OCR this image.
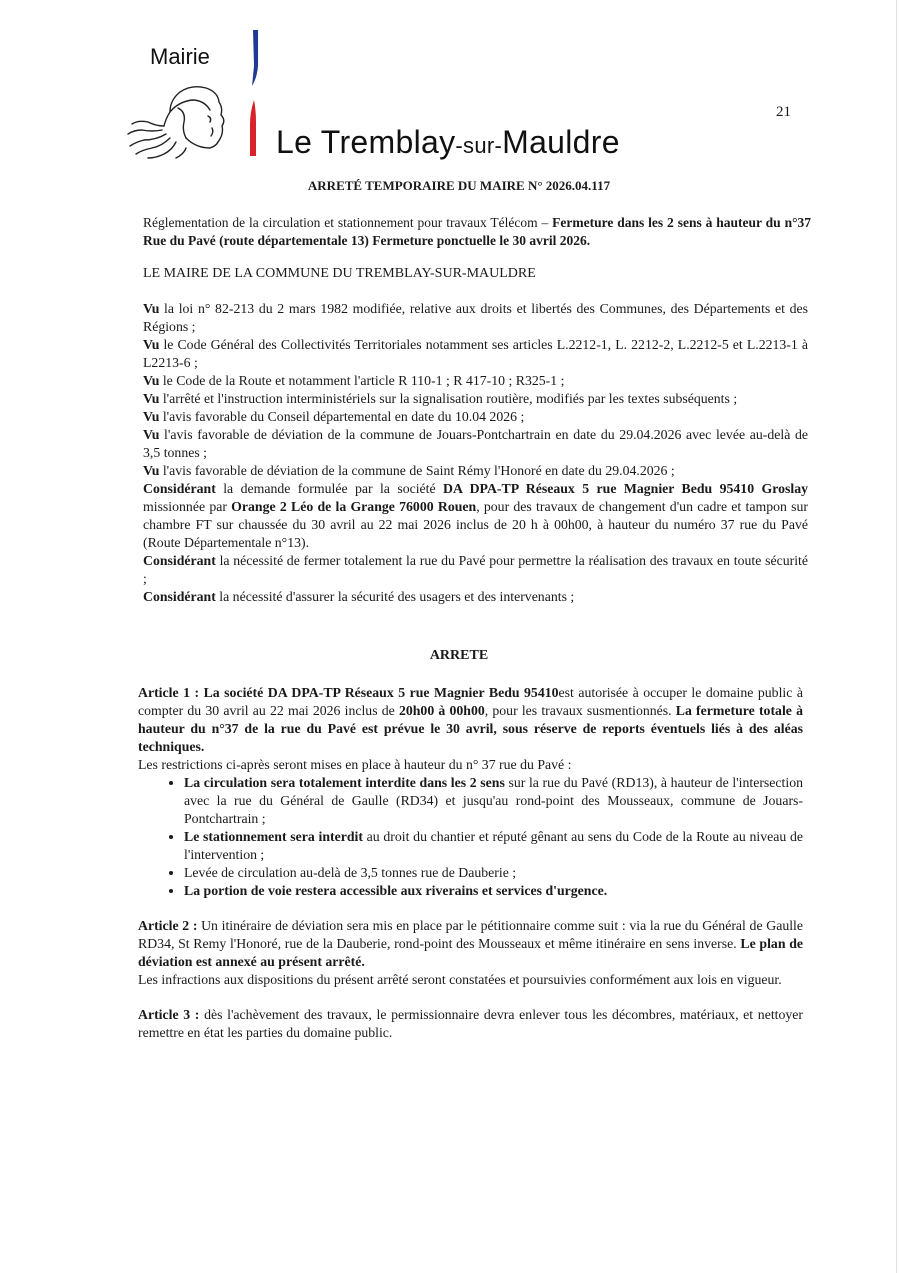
Mairie
Le Tremblay-sur-Mauldre
21
ARRETÉ TEMPORAIRE DU MAIRE N° 2026.04.117
Réglementation de la circulation et stationnement pour travaux Télécom – Fermeture dans les 2 sens à hauteur du n°37 Rue du Pavé (route départementale 13) Fermeture ponctuelle le 30 avril 2026.
LE MAIRE DE LA COMMUNE DU TREMBLAY-SUR-MAULDRE

Vu la loi n° 82-213 du 2 mars 1982 modifiée, relative aux droits et libertés des Communes, des Départements et des Régions ;

Vu le Code Général des Collectivités Territoriales notamment ses articles L.2212-1, L. 2212-2, L.2212-5 et L.2213-1 à L2213-6 ;

Vu le Code de la Route et notamment l'article R 110-1 ; R 417-10 ; R325-1 ;

Vu l'arrêté et l'instruction interministériels sur la signalisation routière, modifiés par les textes subséquents ;

Vu l'avis favorable du Conseil départemental en date du 10.04 2026 ;

Vu l'avis favorable de déviation de la commune de Jouars-Pontchartrain en date du 29.04.2026 avec levée au-delà de 3,5 tonnes ;

Vu l'avis favorable de déviation de la commune de Saint Rémy l'Honoré en date du 29.04.2026 ;

Considérant la demande formulée par la société DA DPA-TP Réseaux 5 rue Magnier Bedu 95410 Groslay missionnée par Orange 2 Léo de la Grange 76000 Rouen, pour des travaux de changement d'un cadre et tampon sur chambre FT sur chaussée du 30 avril au 22 mai 2026 inclus de 20 h à 00h00, à hauteur du numéro 37 rue du Pavé (Route Départementale n°13).

Considérant la nécessité de fermer totalement la rue du Pavé pour permettre la réalisation des travaux en toute sécurité ;

Considérant la nécessité d'assurer la sécurité des usagers et des intervenants ;

ARRETE

Article 1 : La société DA DPA-TP Réseaux 5 rue Magnier Bedu 95410est autorisée à occuper le domaine public à compter du 30 avril au 22 mai 2026 inclus de 20h00 à 00h00, pour les travaux susmentionnés. La fermeture totale à hauteur du n°37 de la rue du Pavé est prévue le 30 avril, sous réserve de reports éventuels liés à des aléas techniques.

Les restrictions ci-après seront mises en place à hauteur du n° 37 rue du Pavé :

• La circulation sera totalement interdite dans les 2 sens sur la rue du Pavé (RD13), à hauteur de l'intersection avec la rue du Général de Gaulle (RD34) et jusqu'au rond-point des Mousseaux, commune de Jouars-Pontchartrain ;
• Le stationnement sera interdit au droit du chantier et réputé gênant au sens du Code de la Route au niveau de l'intervention ;
• Levée de circulation au-delà de 3,5 tonnes rue de Dauberie ;
• La portion de voie restera accessible aux riverains et services d'urgence.

Article 2 : Un itinéraire de déviation sera mis en place par le pétitionnaire comme suit : via la rue du Général de Gaulle RD34, St Remy l'Honoré, rue de la Dauberie, rond-point des Mousseaux et même itinéraire en sens inverse. Le plan de déviation est annexé au présent arrêté.

Les infractions aux dispositions du présent arrêté seront constatées et poursuivies conformément aux lois en vigueur.

Article 3 : dès l'achèvement des travaux, le permissionnaire devra enlever tous les décombres, matériaux, et nettoyer remettre en état les parties du domaine public.
